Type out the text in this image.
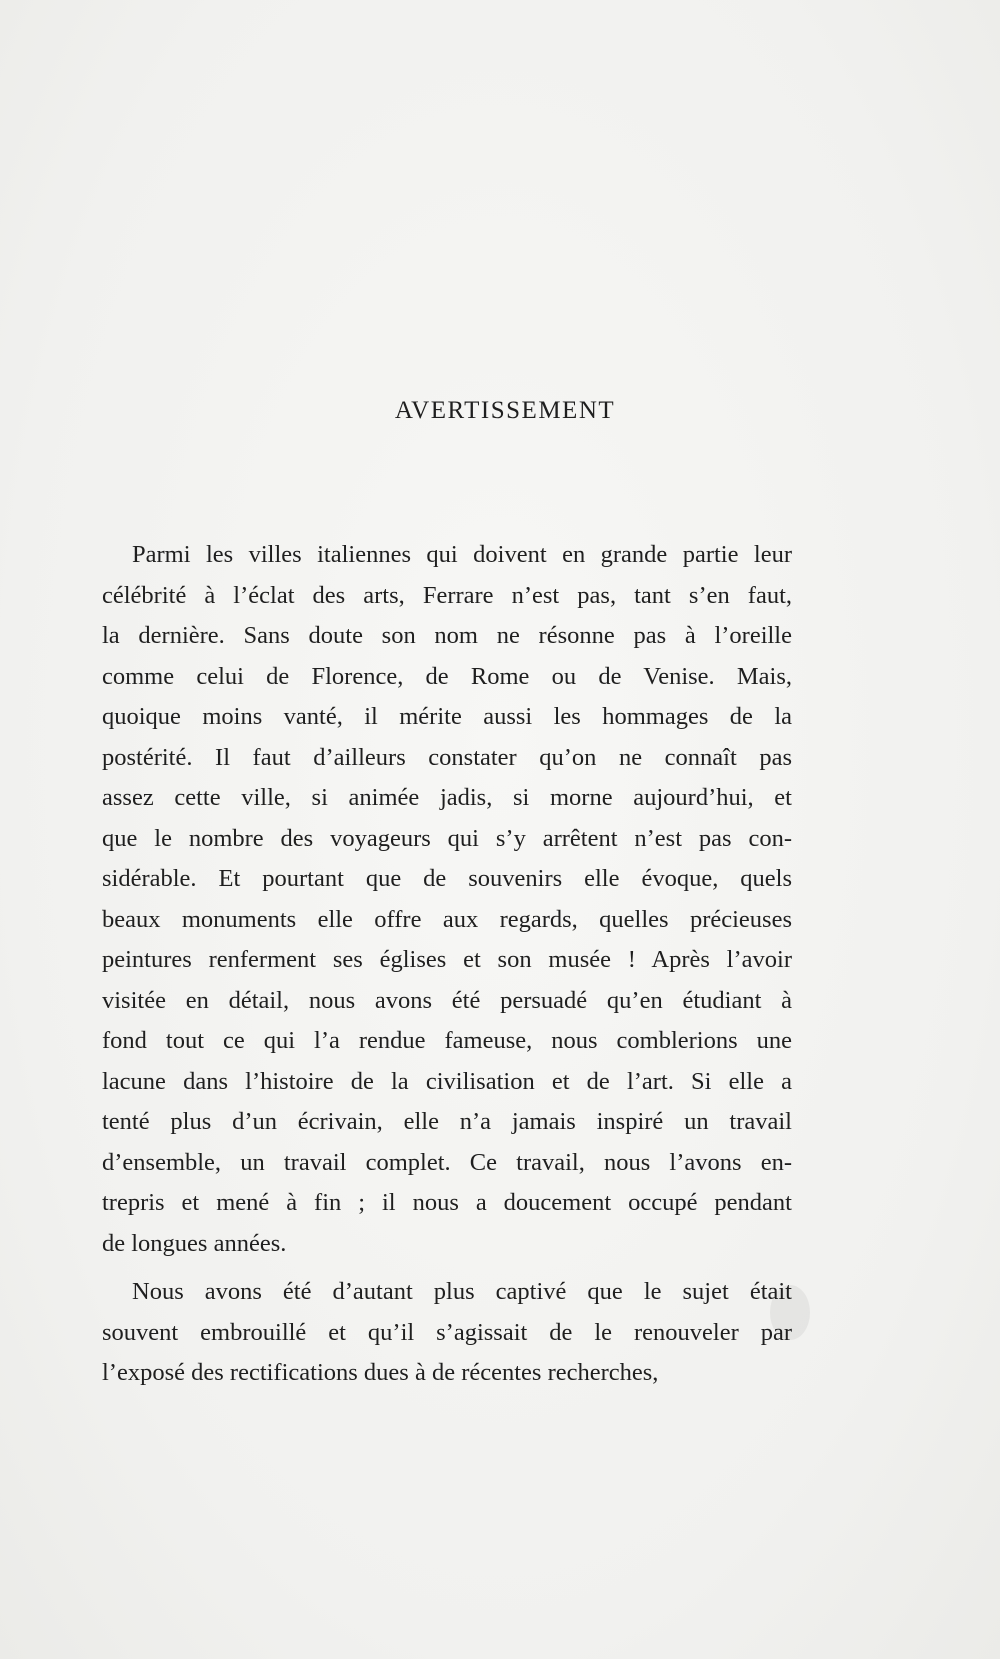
AVERTISSEMENT
Parmi les villes italiennes qui doivent en grande partie leur
célébrité à l’éclat des arts, Ferrare n’est pas, tant s’en faut,
la dernière. Sans doute son nom ne résonne pas à l’oreille
comme celui de Florence, de Rome ou de Venise. Mais,
quoique moins vanté, il mérite aussi les hommages de la
postérité. Il faut d’ailleurs constater qu’on ne connaît pas
assez cette ville, si animée jadis, si morne aujourd’hui, et
que le nombre des voyageurs qui s’y arrêtent n’est pas con-
sidérable. Et pourtant que de souvenirs elle évoque, quels
beaux monuments elle offre aux regards, quelles précieuses
peintures renferment ses églises et son musée ! Après l’avoir
visitée en détail, nous avons été persuadé qu’en étudiant à
fond tout ce qui l’a rendue fameuse, nous comblerions une
lacune dans l’histoire de la civilisation et de l’art. Si elle a
tenté plus d’un écrivain, elle n’a jamais inspiré un travail
d’ensemble, un travail complet. Ce travail, nous l’avons en-
trepris et mené à fin ; il nous a doucement occupé pendant
de longues années.
Nous avons été d’autant plus captivé que le sujet était
souvent embrouillé et qu’il s’agissait de le renouveler par
l’exposé des rectifications dues à de récentes recherches,
